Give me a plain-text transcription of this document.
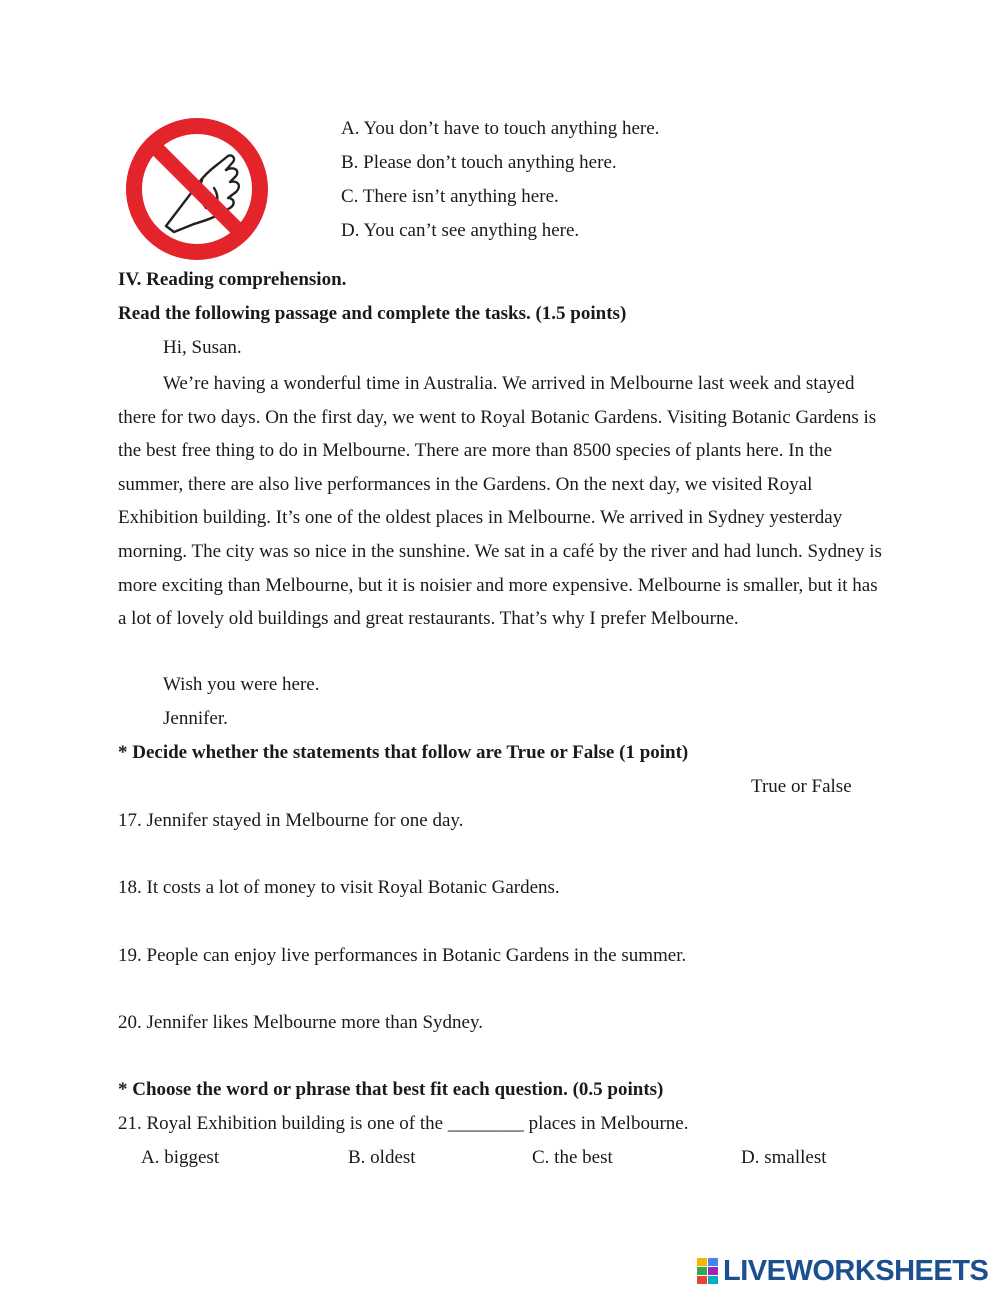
A. You don’t have to touch anything here.
B. Please don’t touch anything here.
C. There isn’t anything here.
D. You can’t see anything here.
IV. Reading comprehension.
Read the following passage and complete the tasks. (1.5 points)
Hi, Susan.
We’re having a wonderful time in Australia. We arrived in Melbourne last week and stayed there for two days. On the first day, we went to Royal Botanic Gardens. Visiting Botanic Gardens is the best free thing to do in Melbourne. There are more than 8500 species of plants here. In the summer, there are also live performances in the Gardens. On the next day, we visited Royal Exhibition building. It’s one of the oldest places in Melbourne. We arrived in Sydney yesterday morning. The city was so nice in the sunshine. We sat in a café by the river and had lunch. Sydney is more exciting than Melbourne, but it is noisier and more expensive. Melbourne is smaller, but it has a lot of lovely old buildings and great restaurants. That’s why I prefer Melbourne.
Wish you were here.
Jennifer.
* Decide whether the statements that follow are True or False (1 point)
True or False
17. Jennifer stayed in Melbourne for one day.
18. It costs a lot of money to visit Royal Botanic Gardens.
19. People can enjoy live performances in Botanic Gardens in the summer.
20. Jennifer likes Melbourne more than Sydney.
* Choose the word or phrase that best fit each question. (0.5 points)
21. Royal Exhibition building is one of the ________ places in Melbourne.
A. biggest	B. oldest	C. the best	D. smallest
LIVEWORKSHEETS
